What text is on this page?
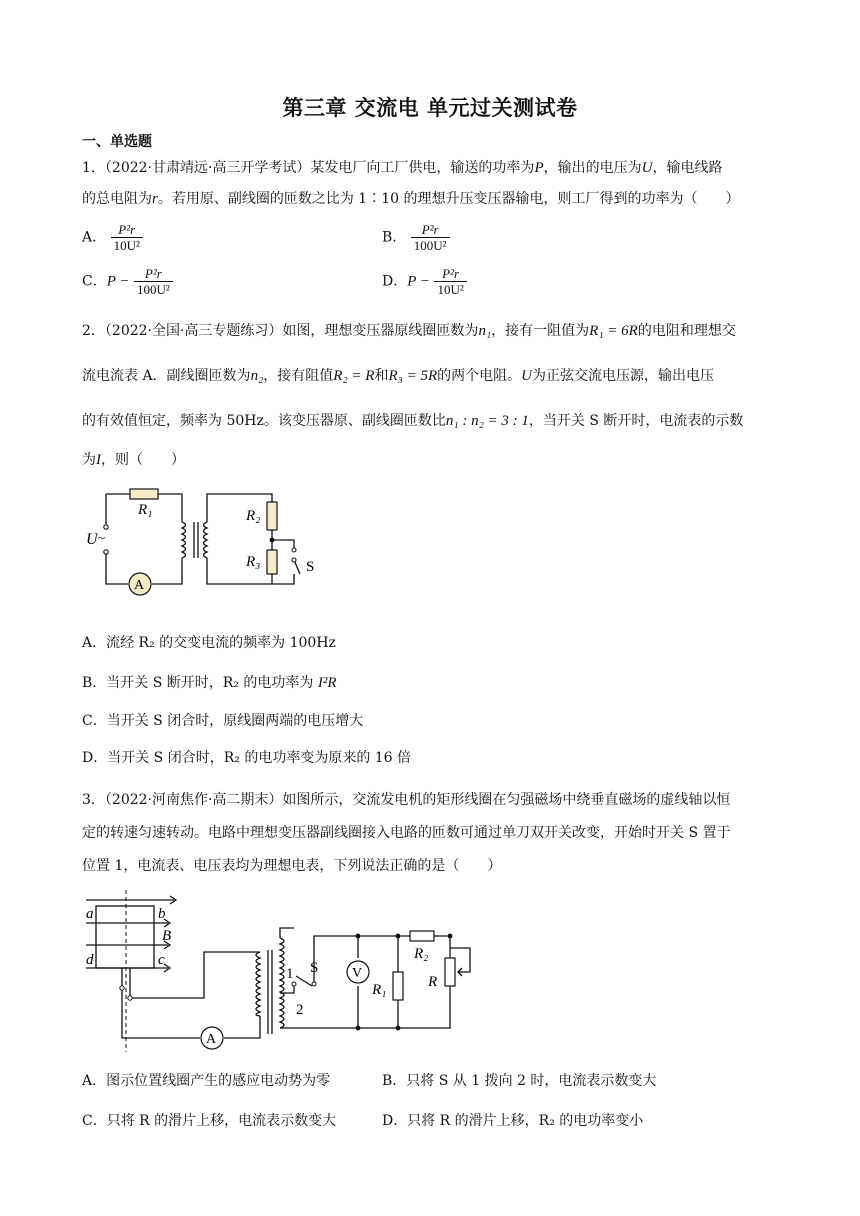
第三章 交流电 单元过关测试卷
一、单选题
1．（2022·甘肃靖远·高三开学考试）某发电厂向工厂供电，输送的功率为P，输出的电压为U，输电线路
的总电阻为r。若用原、副线圈的匝数之比为 1∶10 的理想升压变压器输电，则工厂得到的功率为（　　）
A． $\frac{\text{P²r}}{\text{10U²}}$	B． $\frac{\text{P²r}}{\text{100U²}}$
C．$P - \frac{\text{P²r}}{\text{100U²}}$	D．$P - \frac{\text{P²r}}{\text{10U²}}$
2．（2022·全国·高三专题练习）如图，理想变压器原线圈匝数为n₁，接有一阻值为R₁ = 6R的电阻和理想交
流电流表 A．副线圈匝数为n₂，接有阻值R₂ = R和R₃ = 5R的两个电阻。U为正弦交流电压源，输出电压
的有效值恒定，频率为 50Hz。该变压器原、副线圈匝数比n₁ : n₂ = 3 : 1，当开关 S 断开时，电流表的示数
为I，则（　　）
A
R₁	R₂
R₃
U ~
S
A．流经 R₂ 的交变电流的频率为 100Hz
B．当开关 S 断开时，R₂ 的电功率为 I²R
C．当开关 S 闭合时，原线圈两端的电压增大
D．当开关 S 闭合时，R₂ 的电功率变为原来的 16 倍
3．（2022·河南焦作·高二期末）如图所示，交流发电机的矩形线圈在匀强磁场中绕垂直磁场的虚线轴以恒
定的转速匀速转动。电路中理想变压器副线圈接入电路的匝数可通过单刀双开关改变，开始时开关 S 置于
位置 1，电流表、电压表均为理想电表，下列说法正确的是（　　）
A
V
a	b
B
c
d
1
2
S
R₁
R₂
R
A．图示位置线圈产生的感应电动势为零	B．只将 S 从 1 拨向 2 时，电流表示数变大
C．只将 R 的滑片上移，电流表示数变大	D．只将 R 的滑片上移，R₂ 的电功率变小
